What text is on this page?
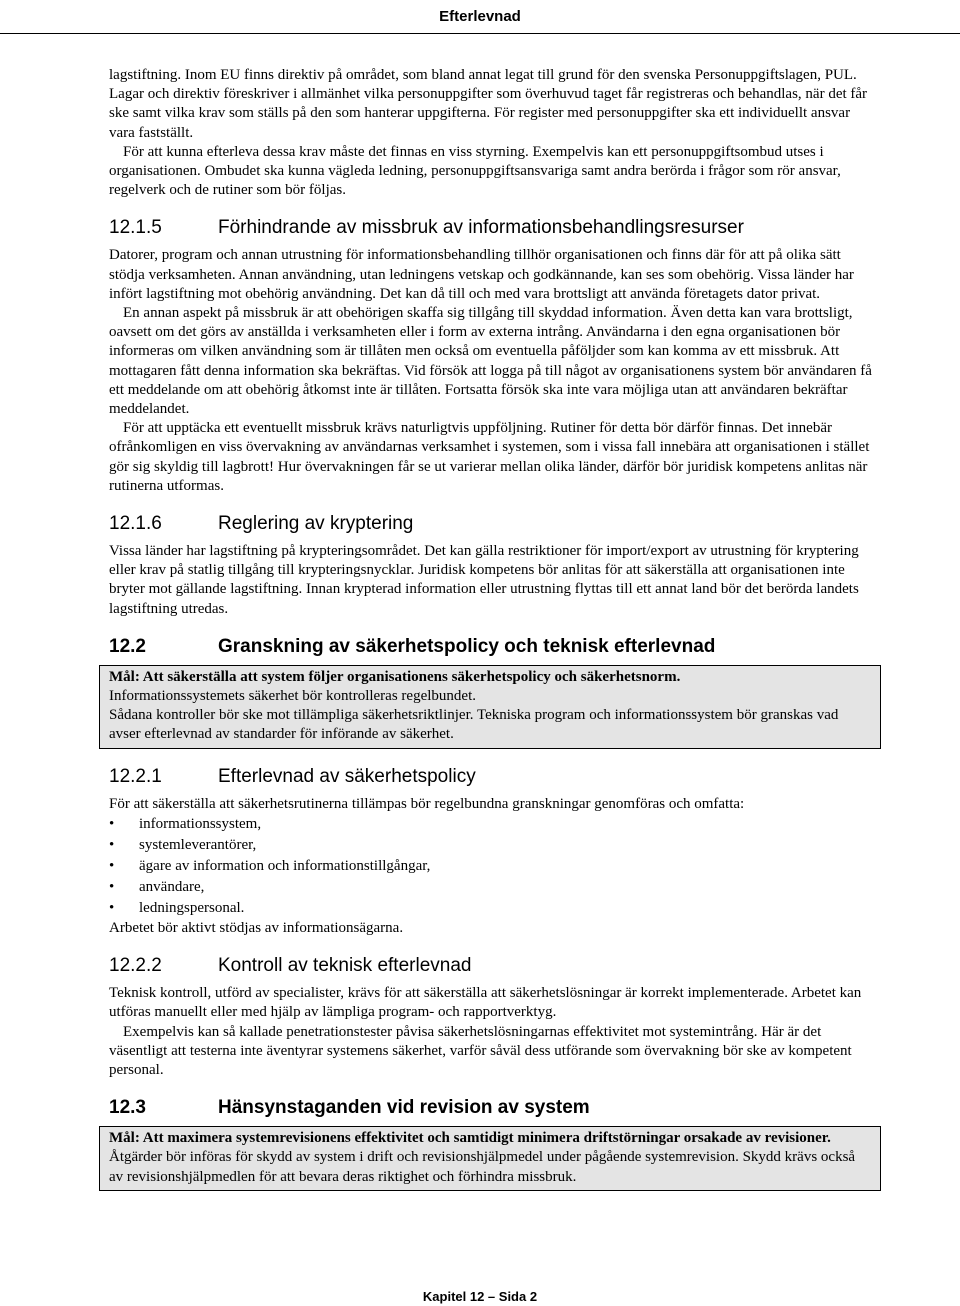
Efterlevnad

lagstiftning. Inom EU finns direktiv på området, som bland annat legat till grund för den svenska Personuppgiftslagen, PUL. Lagar och direktiv föreskriver i allmänhet vilka personuppgifter som överhuvud taget får registreras och behandlas, när det får ske samt vilka krav som ställs på den som hanterar uppgifterna. För register med personuppgifter ska ett individuellt ansvar vara fastställt.

För att kunna efterleva dessa krav måste det finnas en viss styrning. Exempelvis kan ett personuppgiftsombud utses i organisationen. Ombudet ska kunna vägleda ledning, personuppgiftsansvariga samt andra berörda i frågor som rör ansvar, regelverk och de rutiner som bör följas.

12.1.5	Förhindrande av missbruk av informationsbehandlingsresurser

Datorer, program och annan utrustning för informationsbehandling tillhör organisationen och finns där för att på olika sätt stödja verksamheten. Annan användning, utan ledningens vetskap och godkännande, kan ses som obehörig. Vissa länder har infört lagstiftning mot obehörig användning. Det kan då till och med vara brottsligt att använda företagets dator privat.

En annan aspekt på missbruk är att obehörigen skaffa sig tillgång till skyddad information. Även detta kan vara brottsligt, oavsett om det görs av anställda i verksamheten eller i form av externa intrång. Användarna i den egna organisationen bör informeras om vilken användning som är tillåten men också om eventuella påföljder som kan komma av ett missbruk. Att mottagaren fått denna information ska bekräftas. Vid försök att logga på till något av organisationens system bör användaren få ett meddelande om att obehörig åtkomst inte är tillåten. Fortsatta försök ska inte vara möjliga utan att användaren bekräftar meddelandet.

För att upptäcka ett eventuellt missbruk krävs naturligtvis uppföljning. Rutiner för detta bör därför finnas. Det innebär ofrånkomligen en viss övervakning av användarnas verksamhet i systemen, som i vissa fall innebära att organisationen i stället gör sig skyldig till lagbrott! Hur övervakningen får se ut varierar mellan olika länder, därför bör juridisk kompetens anlitas när rutinerna utformas.

12.1.6	Reglering av kryptering

Vissa länder har lagstiftning på krypteringsområdet. Det kan gälla restriktioner för import/export av utrustning för kryptering eller krav på statlig tillgång till krypteringsnycklar. Juridisk kompetens bör anlitas för att säkerställa att organisationen inte bryter mot gällande lagstiftning. Innan krypterad information eller utrustning flyttas till ett annat land bör det berörda landets lagstiftning utredas.

12.2	Granskning av säkerhetspolicy och teknisk efterlevnad

Mål: Att säkerställa att system följer organisationens säkerhetspolicy och säkerhetsnorm.

Informationssystemets säkerhet bör kontrolleras regelbundet.

Sådana kontroller bör ske mot tillämpliga säkerhetsriktlinjer. Tekniska program och informationssystem bör granskas vad avser efterlevnad av standarder för införande av säkerhet.

12.2.1	Efterlevnad av säkerhetspolicy

För att säkerställa att säkerhetsrutinerna tillämpas bör regelbundna granskningar genomföras och omfatta:

• informationssystem,
• systemleverantörer,
• ägare av information och informationstillgångar,
• användare,
• ledningspersonal.

Arbetet bör aktivt stödjas av informationsägarna.

12.2.2	Kontroll av teknisk efterlevnad

Teknisk kontroll, utförd av specialister, krävs för att säkerställa att säkerhetslösningar är korrekt implementerade. Arbetet kan utföras manuellt eller med hjälp av lämpliga program- och rapportverktyg.

Exempelvis kan så kallade penetrationstester påvisa säkerhetslösningarnas effektivitet mot systemintrång. Här är det väsentligt att testerna inte äventyrar systemens säkerhet, varför såväl dess utförande som övervakning bör ske av kompetent personal.

12.3	Hänsynstaganden vid revision av system

Mål: Att maximera systemrevisionens effektivitet och samtidigt minimera driftstörningar orsakade av revisioner.

Åtgärder bör införas för skydd av system i drift och revisionshjälpmedel under pågående systemrevision. Skydd krävs också av revisionshjälpmedlen för att bevara deras riktighet och förhindra missbruk.

Kapitel 12 – Sida 2
